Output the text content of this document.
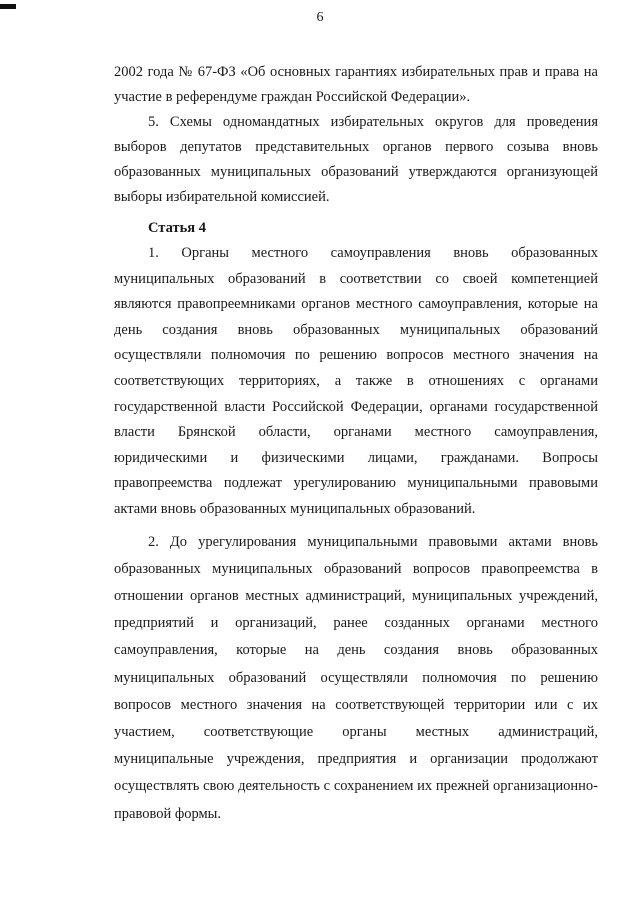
6

2002 года № 67-ФЗ «Об основных гарантиях избирательных прав и права на

участие в референдуме граждан Российской Федерации».

5. Схемы одномандатных избирательных округов для проведения

выборов депутатов представительных органов первого созыва вновь

образованных муниципальных образований утверждаются организующей

выборы избирательной комиссией.

Статья 4

1. Органы местного самоуправления вновь образованных

муниципальных образований в соответствии со своей компетенцией

являются правопреемниками органов местного самоуправления, которые на

день создания вновь образованных муниципальных образований

осуществляли полномочия по решению вопросов местного значения на

соответствующих территориях, а также в отношениях с органами

государственной власти Российской Федерации, органами государственной

власти Брянской области, органами местного самоуправления,

юридическими и физическими лицами, гражданами. Вопросы

правопреемства подлежат урегулированию муниципальными правовыми

актами вновь образованных муниципальных образований.

2. До урегулирования муниципальными правовыми актами вновь

образованных муниципальных образований вопросов правопреемства в

отношении органов местных администраций, муниципальных учреждений,

предприятий и организаций, ранее созданных органами местного

самоуправления, которые на день создания вновь образованных

муниципальных образований осуществляли полномочия по решению

вопросов местного значения на соответствующей территории или с их

участием, соответствующие органы местных администраций,

муниципальные учреждения, предприятия и организации продолжают

осуществлять свою деятельность с сохранением их прежней организационно-

правовой формы.
